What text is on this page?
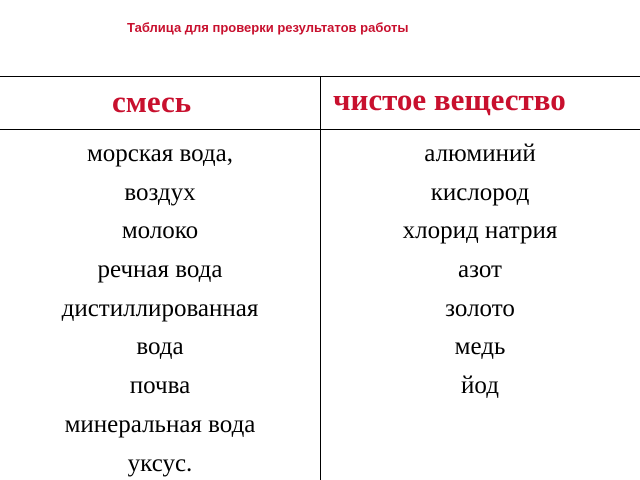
Таблица для проверки результатов работы
смесь	чистое вещество
морская вода,
воздух
молоко
речная вода
дистиллированная
вода
почва
минеральная вода
уксус.
алюминий
кислород
хлорид натрия
азот
золото
медь
йод
